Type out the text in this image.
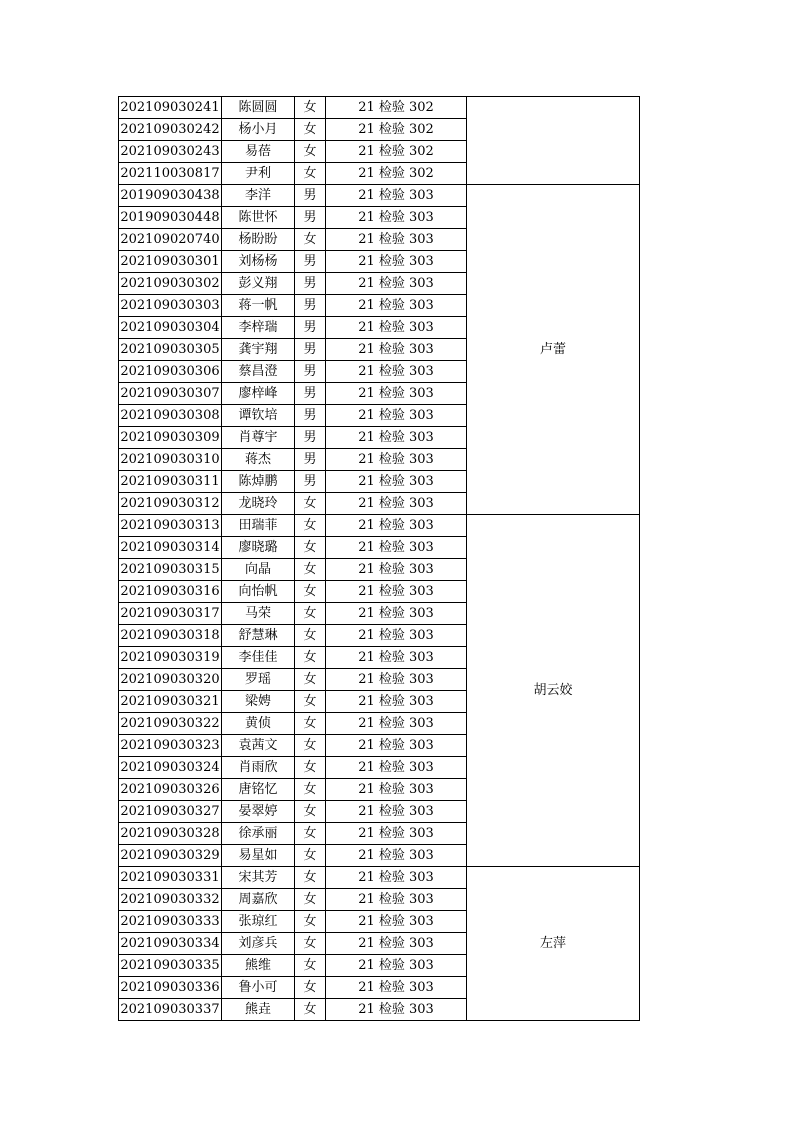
202109030241	陈圆圆	女	21 检验 302	
202109030242	杨小月	女	21 检验 302	
202109030243	易蓓	女	21 检验 302	
202110030817	尹利	女	21 检验 302	
201909030438	李洋	男	21 检验 303	卢蕾
201909030448	陈世怀	男	21 检验 303	
202109020740	杨盼盼	女	21 检验 303	
202109030301	刘杨杨	男	21 检验 303	
202109030302	彭义翔	男	21 检验 303	
202109030303	蒋一帆	男	21 检验 303	
202109030304	李梓瑞	男	21 检验 303	
202109030305	龚宇翔	男	21 检验 303	
202109030306	蔡昌澄	男	21 检验 303	
202109030307	廖梓峰	男	21 检验 303	
202109030308	谭钦培	男	21 检验 303	
202109030309	肖尊宇	男	21 检验 303	
202109030310	蒋杰	男	21 检验 303	
202109030311	陈焯鹏	男	21 检验 303	
202109030312	龙晓玲	女	21 检验 303	
202109030313	田瑞菲	女	21 检验 303	胡云姣
202109030314	廖晓璐	女	21 检验 303	
202109030315	向晶	女	21 检验 303	
202109030316	向怡帆	女	21 检验 303	
202109030317	马荣	女	21 检验 303	
202109030318	舒慧琳	女	21 检验 303	
202109030319	李佳佳	女	21 检验 303	
202109030320	罗瑶	女	21 检验 303	
202109030321	梁娉	女	21 检验 303	
202109030322	黄侦	女	21 检验 303	
202109030323	袁茜文	女	21 检验 303	
202109030324	肖雨欣	女	21 检验 303	
202109030326	唐铭忆	女	21 检验 303	
202109030327	晏翠婷	女	21 检验 303	
202109030328	徐承丽	女	21 检验 303	
202109030329	易星如	女	21 检验 303	
202109030331	宋其芳	女	21 检验 303	左萍
202109030332	周嘉欣	女	21 检验 303	
202109030333	张琼红	女	21 检验 303	
202109030334	刘彦兵	女	21 检验 303	
202109030335	熊维	女	21 检验 303	
202109030336	鲁小可	女	21 检验 303	
202109030337	熊垚	女	21 检验 303	
